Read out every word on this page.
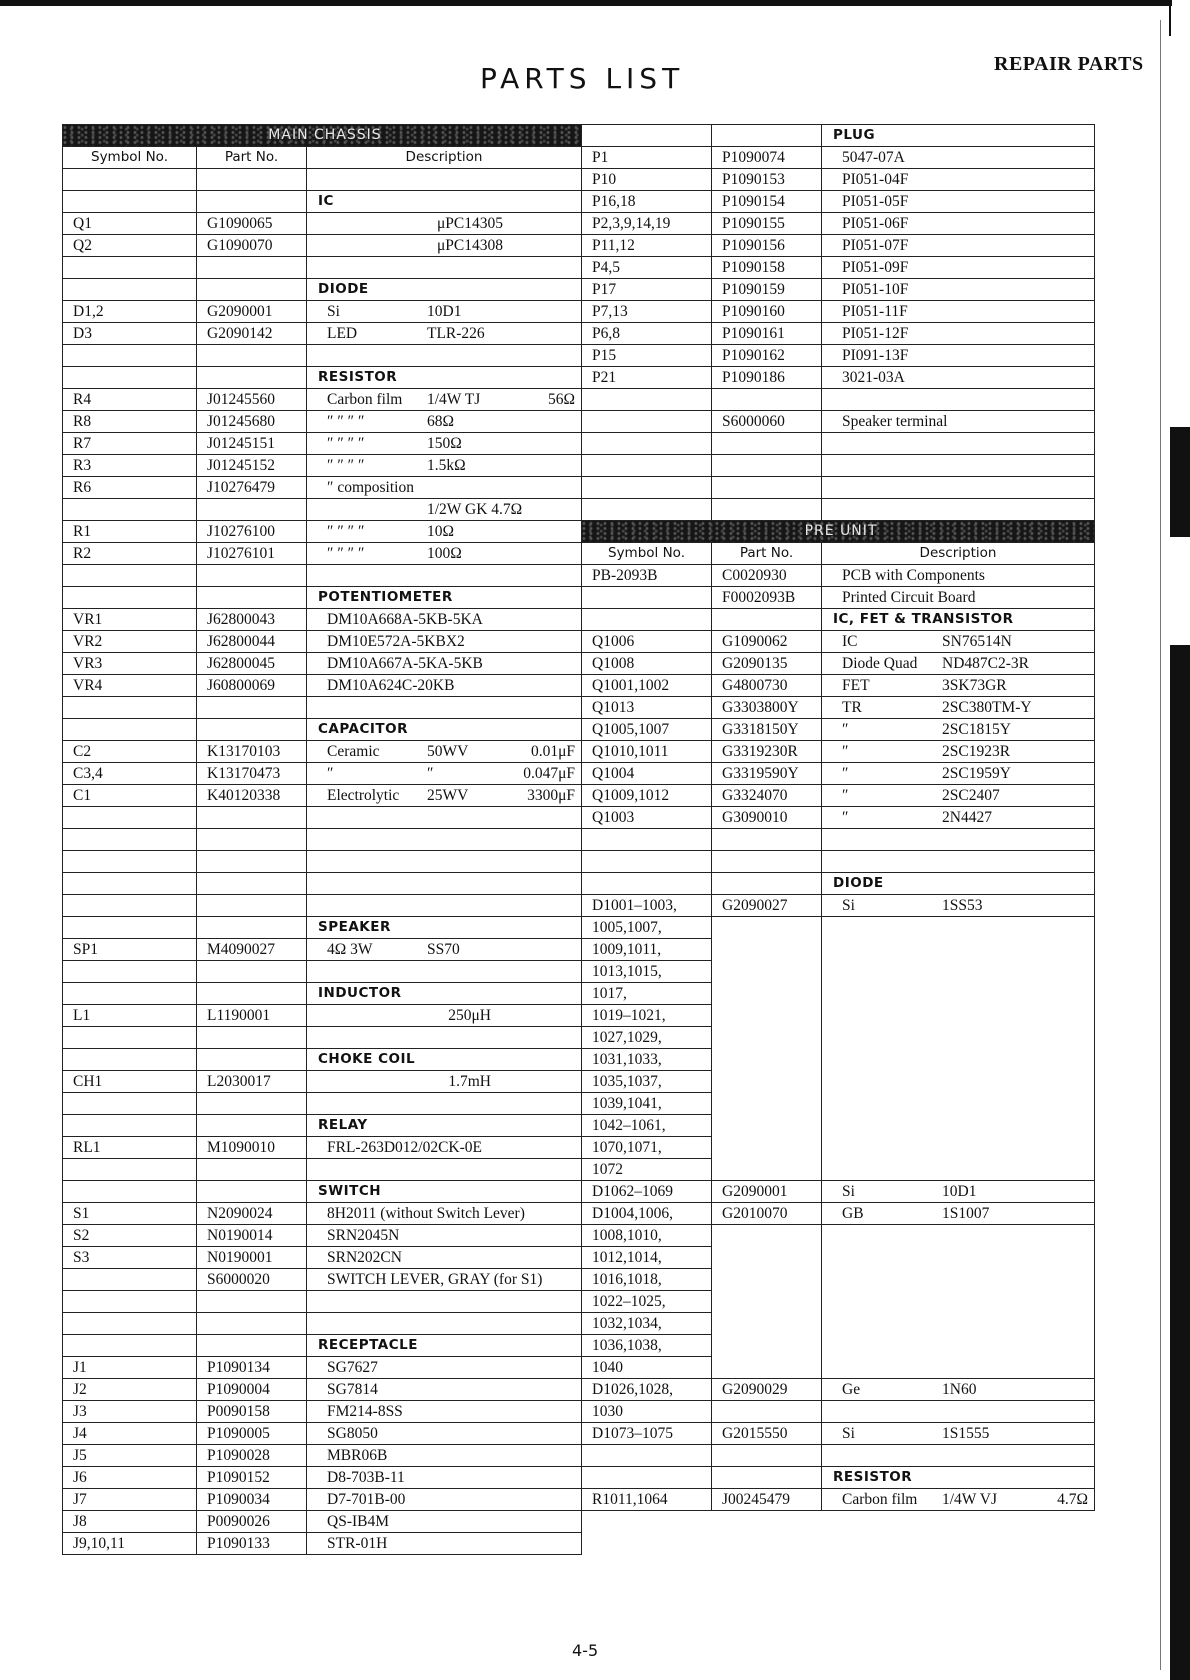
PARTS LIST	REPAIR PARTS
MAIN CHASSIS		
Symbol No.	Part No.	Description

		IC
Q1	G1090065	μPC14305

Q2	G1090070	μPC14308

		DIODE
D1,2	G2090001	Si 10D1

D3	G2090142	LED TLR-226

		RESISTOR
R4	J01245560	Carbon film 1/4W TJ 56Ω

R8	J01245680	″ ″ ″ ″ 68Ω

R7	J01245151	″ ″ ″ ″ 150Ω

R3	J01245152	″ ″ ″ ″ 1.5kΩ

R6	J10276479	″ composition

		1/2W GK 4.7Ω

R1	J10276100	″ ″ ″ ″ 10Ω

R2	J10276101	″ ″ ″ ″ 100Ω

		POTENTIOMETER
VR1	J62800043	DM10A668A-5KB-5KA
VR2	J62800044	DM10E572A-5KBX2
VR3	J62800045	DM10A667A-5KA-5KB
VR4	J60800069	DM10A624C-20KB

		CAPACITOR
C2	K13170103	Ceramic 50WV 0.01μF

C3,4	K13170473	″ ″ 0.047μF

C1	K40120338	Electrolytic 25WV 3300μF

		SPEAKER
SP1	M4090027	4Ω 3W SS70

		INDUCTOR
L1	L1190001	250μH

		CHOKE COIL
CH1	L2030017	1.7mH

		RELAY
RL1	M1090010	FRL-263D012/02CK-0E

		SWITCH
S1	N2090024	8H2011 (without Switch Lever)
S2	N0190014	SRN2045N
S3	N0190001	SRN202CN
	S6000020	SWITCH LEVER, GRAY (for S1)

		RECEPTACLE
J1	P1090134	SG7627
J2	P1090004	SG7814
J3	P0090158	FM214-8SS
J4	P1090005	SG8050
J5	P1090028	MBR06B
J6	P1090152	D8-703B-11
J7	P1090034	D7-701B-00
J8	P0090026	QS-IB4M
J9,10,11	P1090133	STR-01H
		PLUG
P1	P1090074	5047-07A
P10	P1090153	PI051-04F
P16,18	P1090154	PI051-05F
P2,3,9,14,19	P1090155	PI051-06F
P11,12	P1090156	PI051-07F
P4,5	P1090158	PI051-09F
P17	P1090159	PI051-10F
P7,13	P1090160	PI051-11F
P6,8	P1090161	PI051-12F
P15	P1090162	PI091-13F
P21	P1090186	3021-03A

	S6000060	Speaker terminal

PRE UNIT		
Symbol No.	Part No.	Description
PB-2093B	C0020930	PCB with Components
	F0002093B	Printed Circuit Board
		IC, FET & TRANSISTOR
Q1006	G1090062	IC SN76514N

Q1008	G2090135	Diode Quad ND487C2-3R

Q1001,1002	G4800730	FET 3SK73GR

Q1013	G3303800Y	TR 2SC380TM-Y

Q1005,1007	G3318150Y	″ 2SC1815Y

Q1010,1011	G3319230R	″ 2SC1923R

Q1004	G3319590Y	″ 2SC1959Y

Q1009,1012	G3324070	″ 2SC2407

Q1003	G3090010	″ 2N4427

		DIODE
D1001–1003,	G2090027	Si 1SS53

1005,1007,		
1009,1011,		
1013,1015,		
1017,		
1019–1021,		
1027,1029,		
1031,1033,		
1035,1037,		
1039,1041,		
1042–1061,		
1070,1071,		
1072		
D1062–1069	G2090001	Si 10D1

D1004,1006,	G2010070	GB 1S1007

1008,1010,		
1012,1014,		
1016,1018,		
1022–1025,		
1032,1034,		
1036,1038,		
1040		
D1026,1028,	G2090029	Ge 1N60

1030		
D1073–1075	G2015550	Si 1S1555

		RESISTOR
R1011,1064	J00245479	Carbon film 1/4W VJ 4.7Ω
4-5
